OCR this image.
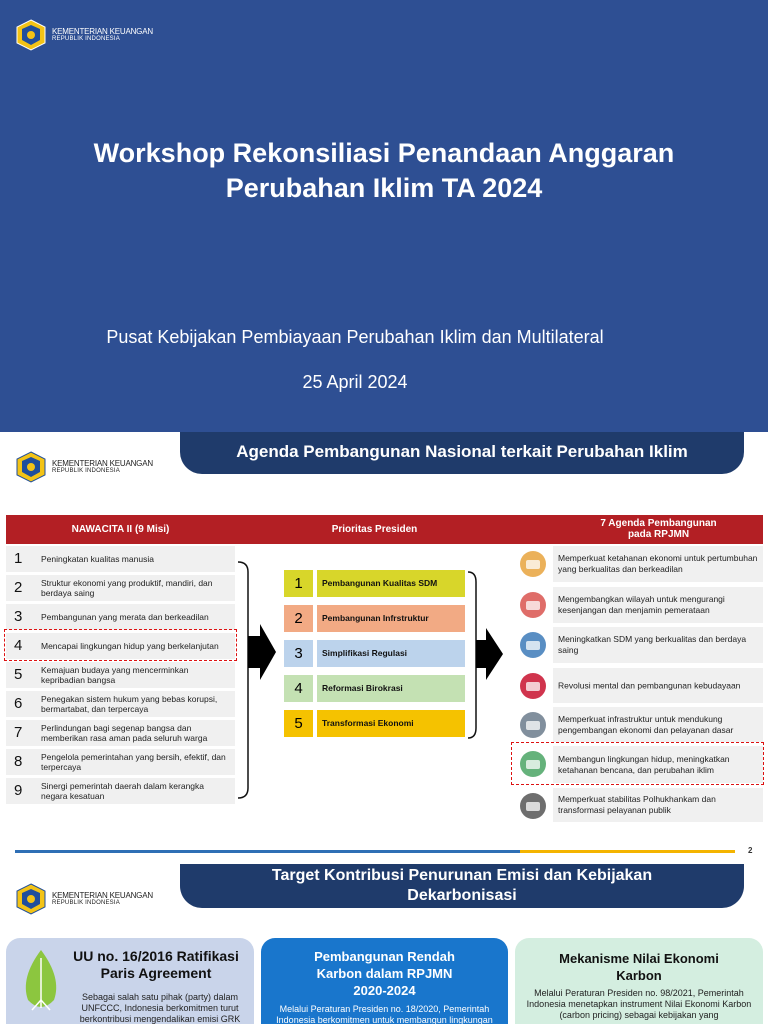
KEMENTERIAN KEUANGAN
REPUBLIK INDONESIA
Workshop Rekonsiliasi Penandaan Anggaran
Perubahan Iklim TA 2024
Pusat Kebijakan Pembiayaan Perubahan Iklim dan Multilateral
25 April 2024
KEMENTERIAN KEUANGAN
REPUBLIK INDONESIA
Agenda Pembangunan Nasional terkait Perubahan Iklim
NAWACITA II (9 Misi)	Prioritas Presiden
7 Agenda Pembangunan
pada RPJMN
1 Peningkatan kualitas manusia
2 Struktur ekonomi yang produktif, mandiri, dan berdaya saing
3 Pembangunan yang merata dan berkeadilan
4 Mencapai lingkungan hidup yang berkelanjutan
5 Kemajuan budaya yang mencerminkan kepribadian bangsa
6 Penegakan sistem hukum yang bebas korupsi, bermartabat, dan terpercaya
7 Perlindungan bagi segenap bangsa dan memberikan rasa aman pada seluruh warga
8 Pengelola pemerintahan yang bersih, efektif, dan terpercaya
9 Sinergi pemerintah daerah dalam kerangka negara kesatuan
1	Pembangunan Kualitas SDM
2	Pembangunan Infrstruktur
3	Simplifikasi Regulasi
4	Reformasi Birokrasi
5	Transformasi Ekonomi
Memperkuat ketahanan ekonomi untuk pertumbuhan yang berkualitas dan berkeadilan
Mengembangkan wilayah untuk mengurangi kesenjangan dan menjamin pemerataan
Meningkatkan SDM yang berkualitas dan berdaya saing
Revolusi mental dan pembangunan kebudayaan
Memperkuat infrastruktur untuk mendukung pengembangan ekonomi dan pelayanan dasar
Membangun lingkungan hidup, meningkatkan ketahanan bencana, dan perubahan iklim
Memperkuat stabilitas Polhukhankam dan transformasi pelayanan publik
2
KEMENTERIAN KEUANGAN
REPUBLIK INDONESIA
Target Kontribusi Penurunan Emisi dan Kebijakan
Dekarbonisasi
UU no. 16/2016 Ratifikasi
Paris Agreement
Sebagai salah satu pihak (party) dalam UNFCCC, Indonesia berkomitmen turut berkontribusi mengendalikan emisi GRK
Pembangunan Rendah
Karbon dalam RPJMN
2020-2024
Melalui Peraturan Presiden no. 18/2020, Pemerintah Indonesia berkomitmen untuk membangun lingkungan
Mekanisme Nilai Ekonomi
Karbon
Melalui Peraturan Presiden no. 98/2021, Pemerintah Indonesia menetapkan instrument Nilai Ekonomi Karbon (carbon pricing) sebagai kebijakan yang
